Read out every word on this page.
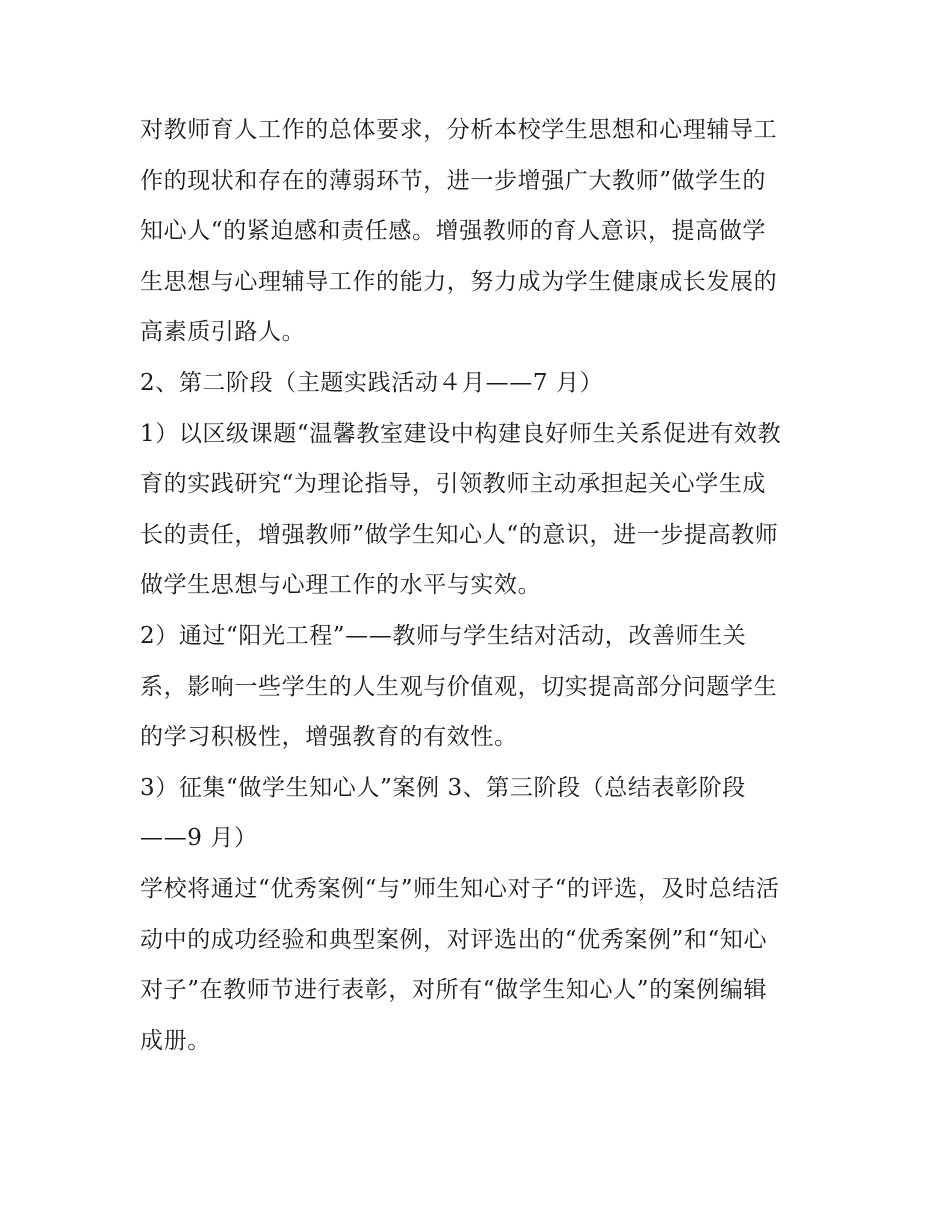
对教师育人工作的总体要求，分析本校学生思想和心理辅导工
作的现状和存在的薄弱环节，进一步增强广大教师”做学生的
知心人“的紧迫感和责任感。增强教师的育人意识，提高做学
生思想与心理辅导工作的能力，努力成为学生健康成长发展的
高素质引路人。
2、第二阶段（主题实践活动４月——7 月）
1）以区级课题“温馨教室建设中构建良好师生关系促进有效教
育的实践研究“为理论指导，引领教师主动承担起关心学生成
长的责任，增强教师”做学生知心人“的意识，进一步提高教师
做学生思想与心理工作的水平与实效。
2）通过“阳光工程”——教师与学生结对活动，改善师生关
系，影响一些学生的人生观与价值观，切实提高部分问题学生
的学习积极性，增强教育的有效性。
3）征集“做学生知心人”案例 3、第三阶段（总结表彰阶段
——9 月）
学校将通过“优秀案例“与”师生知心对子“的评选，及时总结活
动中的成功经验和典型案例，对评选出的“优秀案例”和“知心
对子”在教师节进行表彰，对所有“做学生知心人”的案例编辑
成册。
